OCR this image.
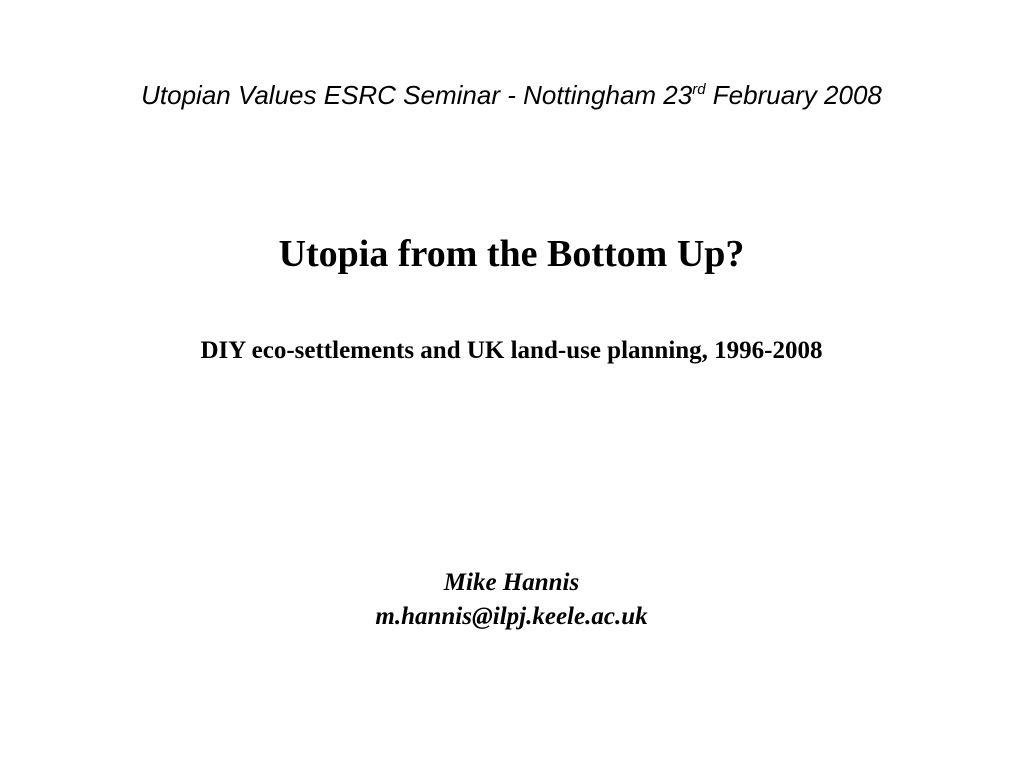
Utopian Values ESRC Seminar - Nottingham 23rd February 2008
Utopia from the Bottom Up?
DIY eco-settlements and UK land-use planning, 1996-2008
Mike Hannis
m.hannis@ilpj.keele.ac.uk
